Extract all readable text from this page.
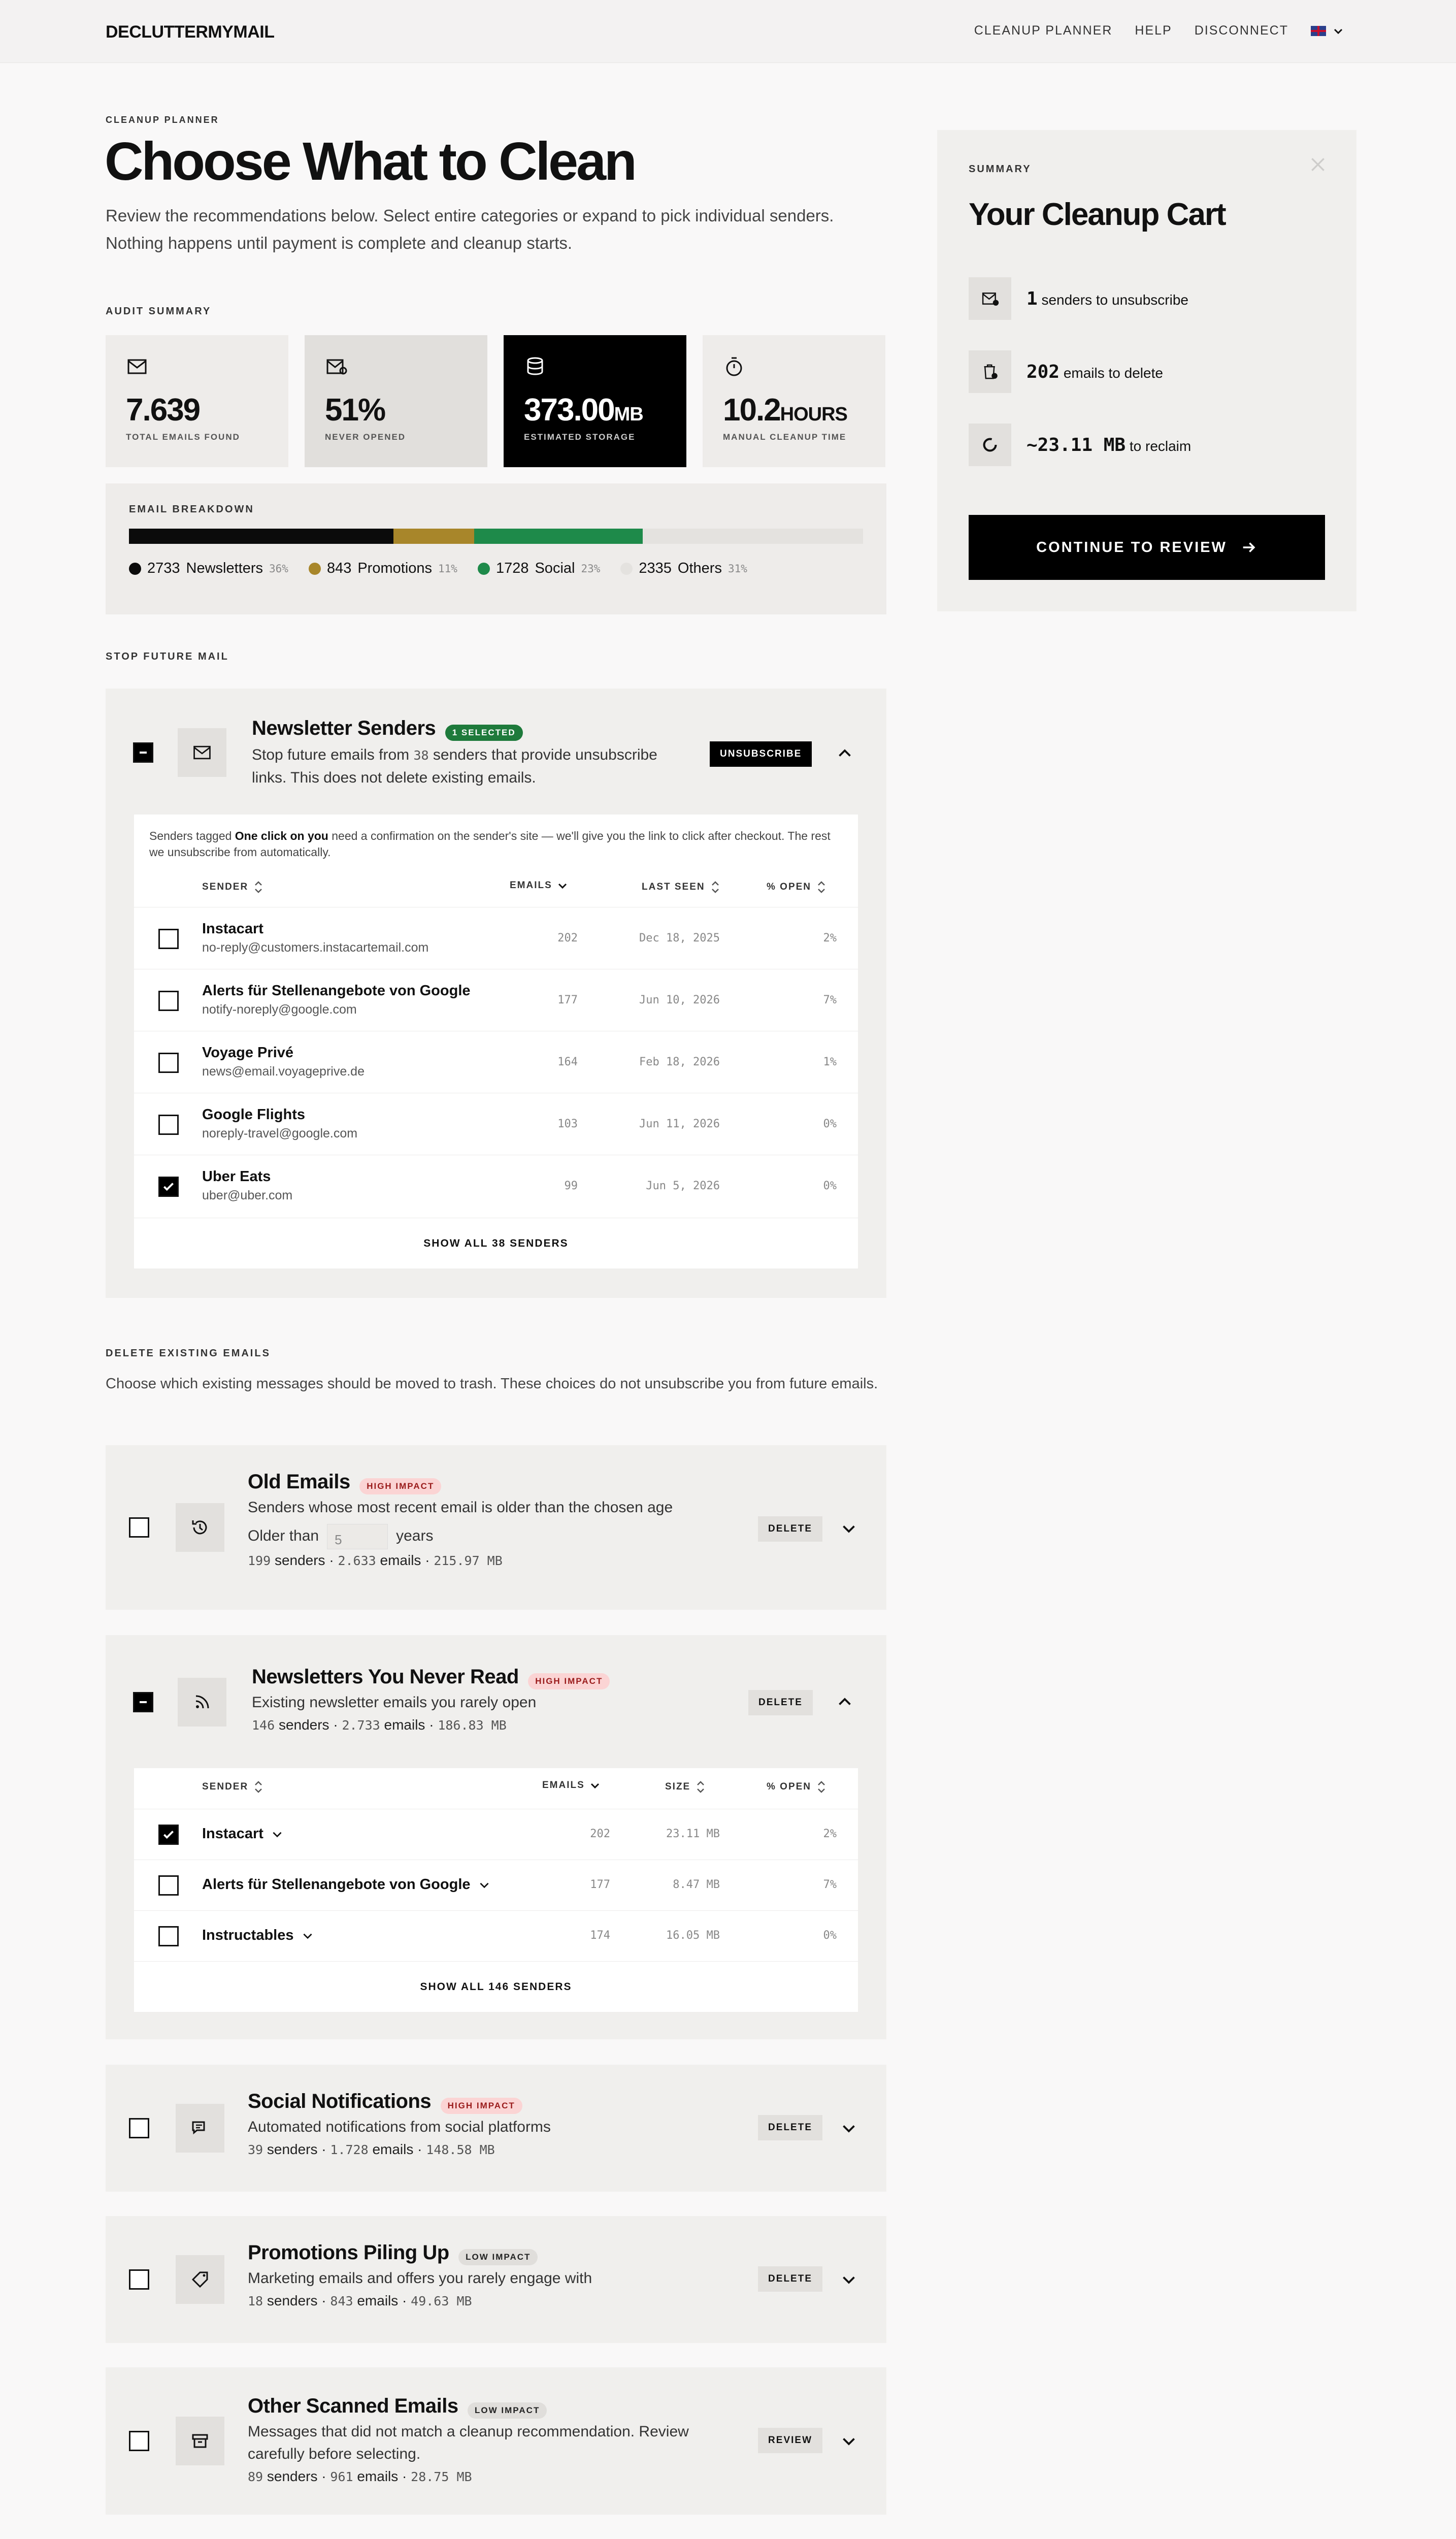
DECLUTTERMYMAIL	CLEANUP PLANNER HELP DISCONNECT
CLEANUP PLANNER
Choose What to Clean
Review the recommendations below. Select entire categories or expand to pick individual senders. Nothing happens until payment is complete and cleanup starts.
AUDIT SUMMARY
7.639
TOTAL EMAILS FOUND
51%
NEVER OPENED
373.00MB
ESTIMATED STORAGE
10.2HOURS
MANUAL CLEANUP TIME
EMAIL BREAKDOWN
2733 Newsletters 36%	843 Promotions 11%	1728 Social 23%	2335 Others 31%
STOP FUTURE MAIL
Newsletter Senders 1 SELECTED
Stop future emails from 38 senders that provide unsubscribe links. This does not delete existing emails.
UNSUBSCRIBE
Senders tagged One click on you need a confirmation on the sender's site — we'll give you the link to click after checkout. The rest we unsubscribe from automatically.
SENDER	EMAILS	LAST SEEN	% OPEN
Instacart
no-reply@customers.instacartemail.com
202	Dec 18, 2025	2%
Alerts für Stellenangebote von Google
notify-noreply@google.com
177	Jun 10, 2026	7%
Voyage Privé
news@email.voyageprive.de
164	Feb 18, 2026	1%
Google Flights
noreply-travel@google.com
103	Jun 11, 2026	0%
Uber Eats
uber@uber.com
99	Jun 5, 2026	0%
SHOW ALL 38 SENDERS
DELETE EXISTING EMAILS
Choose which existing messages should be moved to trash. These choices do not unsubscribe you from future emails.
Old Emails HIGH IMPACT
Senders whose most recent email is older than the chosen age
Older than 5	years
199 senders · 2.633 emails · 215.97 MB
DELETE
Newsletters You Never Read HIGH IMPACT
Existing newsletter emails you rarely open
146 senders · 2.733 emails · 186.83 MB
DELETE
SENDER	EMAILS	SIZE	% OPEN
Instacart	202	23.11 MB	2%
Alerts für Stellenangebote von Google	177	8.47 MB	7%
Instructables	174	16.05 MB	0%
SHOW ALL 146 SENDERS
Social Notifications HIGH IMPACT
Automated notifications from social platforms
39 senders · 1.728 emails · 148.58 MB
DELETE
Promotions Piling Up LOW IMPACT
Marketing emails and offers you rarely engage with
18 senders · 843 emails · 49.63 MB
DELETE
Other Scanned Emails LOW IMPACT
Messages that did not match a cleanup recommendation. Review carefully before selecting.
89 senders · 961 emails · 28.75 MB
REVIEW
SUMMARY
Your Cleanup Cart
1 senders to unsubscribe
202 emails to delete
~23.11 MB to reclaim
CONTINUE TO REVIEW
